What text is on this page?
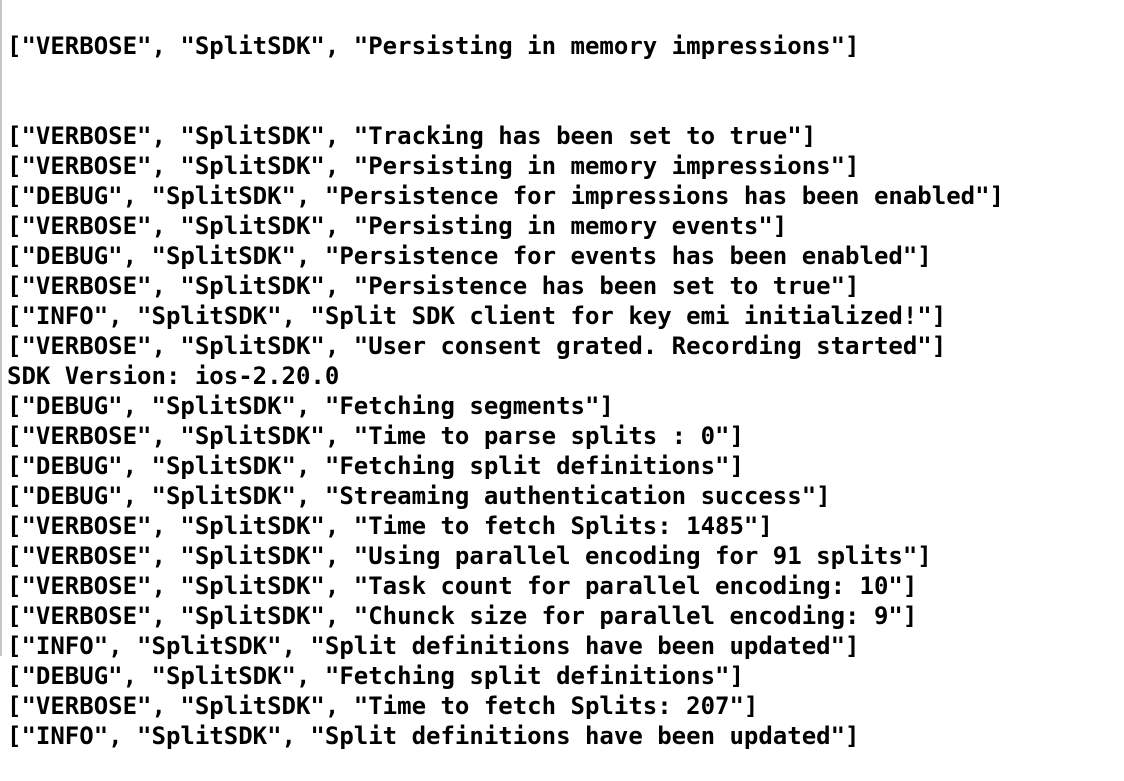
["VERBOSE", "SplitSDK", "Persisting in memory impressions"]

["VERBOSE", "SplitSDK", "Tracking has been set to true"]
["VERBOSE", "SplitSDK", "Persisting in memory impressions"]
["DEBUG", "SplitSDK", "Persistence for impressions has been enabled"]
["VERBOSE", "SplitSDK", "Persisting in memory events"]
["DEBUG", "SplitSDK", "Persistence for events has been enabled"]
["VERBOSE", "SplitSDK", "Persistence has been set to true"]
["INFO", "SplitSDK", "Split SDK client for key emi initialized!"]
["VERBOSE", "SplitSDK", "User consent grated. Recording started"]
SDK Version: ios-2.20.0
["DEBUG", "SplitSDK", "Fetching segments"]
["VERBOSE", "SplitSDK", "Time to parse splits : 0"]
["DEBUG", "SplitSDK", "Fetching split definitions"]
["DEBUG", "SplitSDK", "Streaming authentication success"]
["VERBOSE", "SplitSDK", "Time to fetch Splits: 1485"]
["VERBOSE", "SplitSDK", "Using parallel encoding for 91 splits"]
["VERBOSE", "SplitSDK", "Task count for parallel encoding: 10"]
["VERBOSE", "SplitSDK", "Chunck size for parallel encoding: 9"]
["INFO", "SplitSDK", "Split definitions have been updated"]
["DEBUG", "SplitSDK", "Fetching split definitions"]
["VERBOSE", "SplitSDK", "Time to fetch Splits: 207"]
["INFO", "SplitSDK", "Split definitions have been updated"]
